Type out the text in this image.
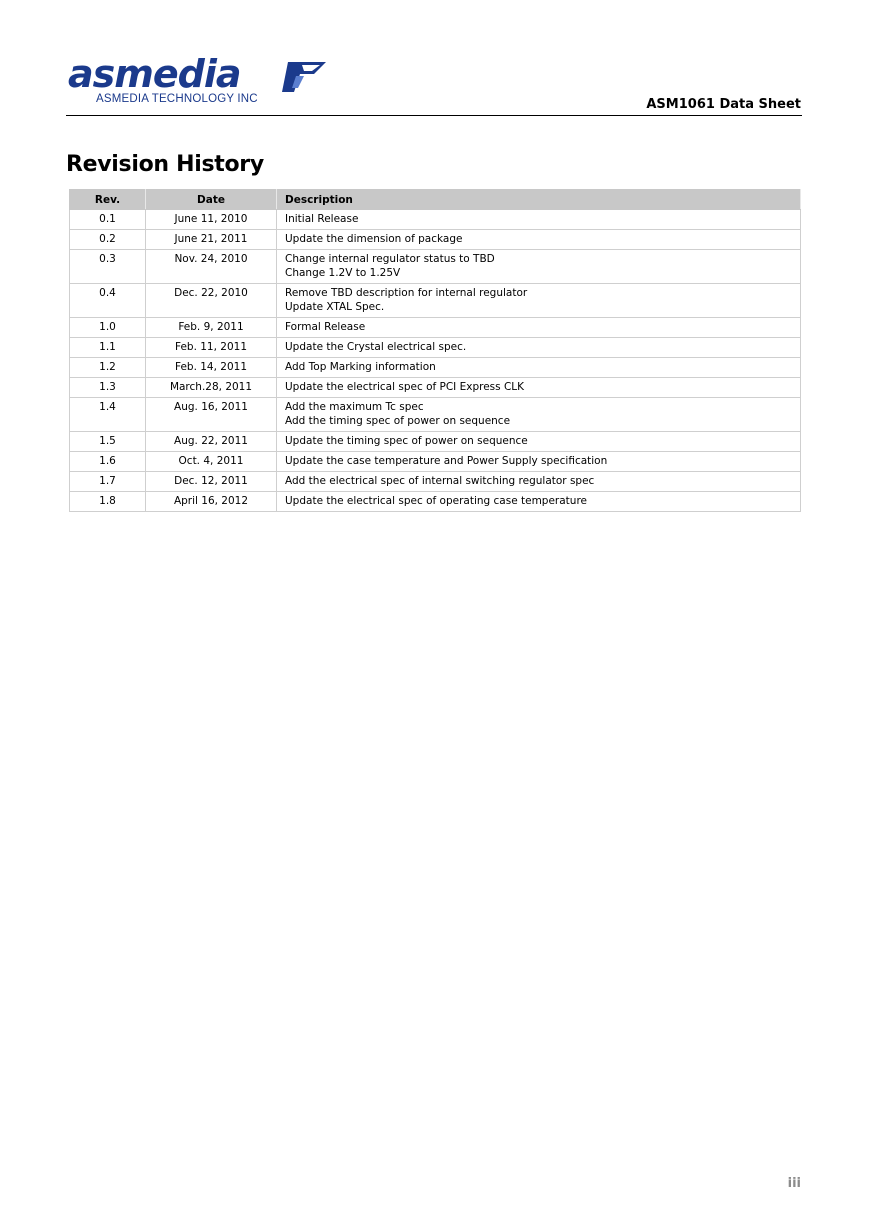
asmedia
ASMEDIA TECHNOLOGY INC	ASM1061 Data Sheet
Revision History
Rev.	Date	Description
0.1	June 11, 2010	Initial Release

0.2	June 21, 2011	Update the dimension of package

0.3	Nov. 24, 2010	Change internal regulator status to TBD
Change 1.2V to 1.25V

0.4	Dec. 22, 2010	Remove TBD description for internal regulator
Update XTAL Spec.

1.0	Feb. 9, 2011	Formal Release

1.1	Feb. 11, 2011	Update the Crystal electrical spec.

1.2	Feb. 14, 2011	Add Top Marking information

1.3	March.28, 2011	Update the electrical spec of PCI Express CLK

1.4	Aug. 16, 2011	Add the maximum Tc spec
Add the timing spec of power on sequence

1.5	Aug. 22, 2011	Update the timing spec of power on sequence

1.6	Oct. 4, 2011	Update the case temperature and Power Supply specification

1.7	Dec. 12, 2011	Add the electrical spec of internal switching regulator spec

1.8	April 16, 2012	Update the electrical spec of operating case temperature
iii
